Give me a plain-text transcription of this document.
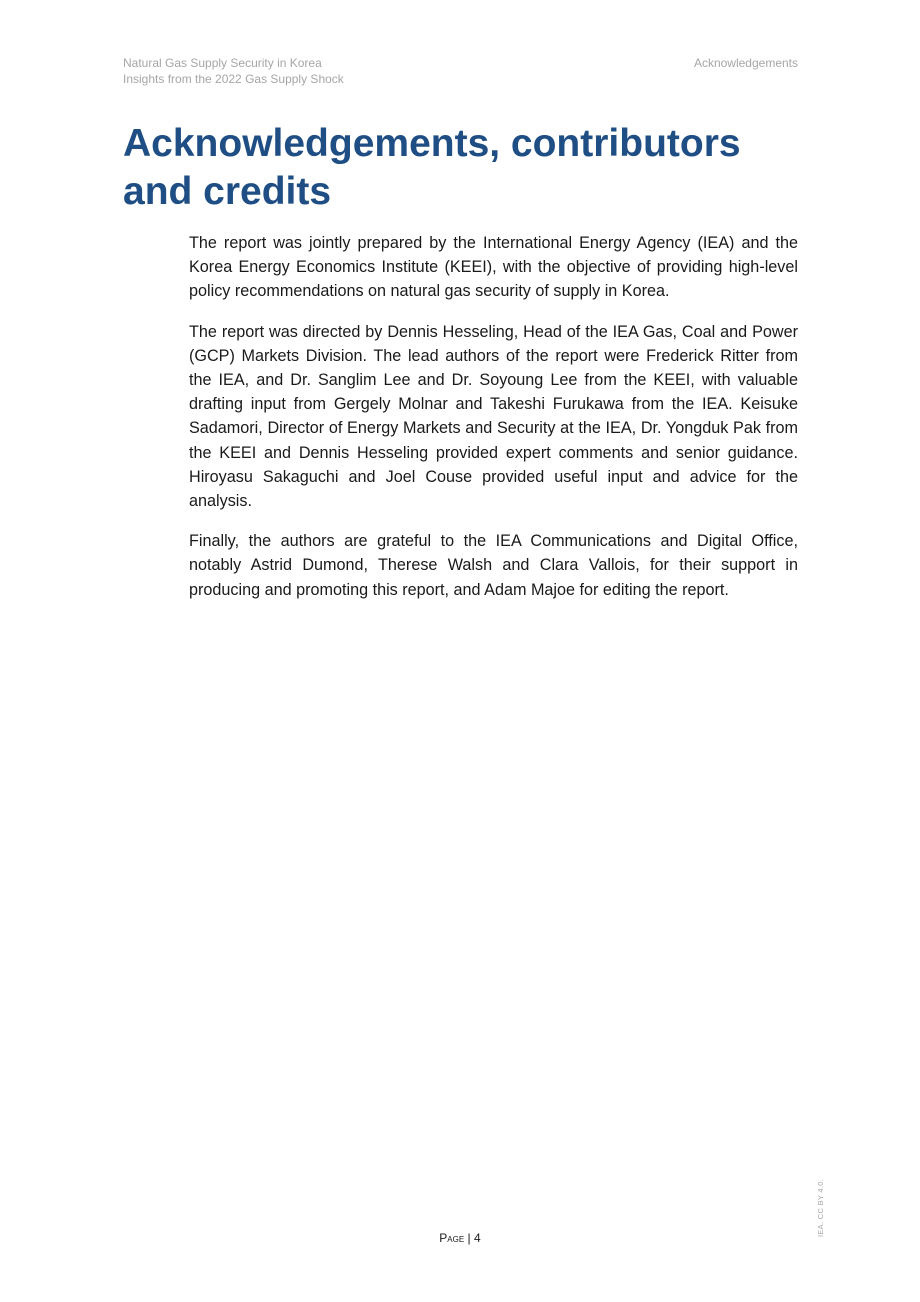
Natural Gas Supply Security in Korea
Insights from the 2022 Gas Supply Shock
Acknowledgements
Acknowledgements, contributors and credits

The report was jointly prepared by the International Energy Agency (IEA) and the Korea Energy Economics Institute (KEEI), with the objective of providing high-level policy recommendations on natural gas security of supply in Korea.

The report was directed by Dennis Hesseling, Head of the IEA Gas, Coal and Power (GCP) Markets Division. The lead authors of the report were Frederick Ritter from the IEA, and Dr. Sanglim Lee and Dr. Soyoung Lee from the KEEI, with valuable drafting input from Gergely Molnar and Takeshi Furukawa from the IEA. Keisuke Sadamori, Director of Energy Markets and Security at the IEA, Dr. Yongduk Pak from the KEEI and Dennis Hesseling provided expert comments and senior guidance. Hiroyasu Sakaguchi and Joel Couse provided useful input and advice for the analysis.

Finally, the authors are grateful to the IEA Communications and Digital Office, notably Astrid Dumond, Therese Walsh and Clara Vallois, for their support in producing and promoting this report, and Adam Majoe for editing the report.

Page | 4
IEA. CC BY 4.0.
